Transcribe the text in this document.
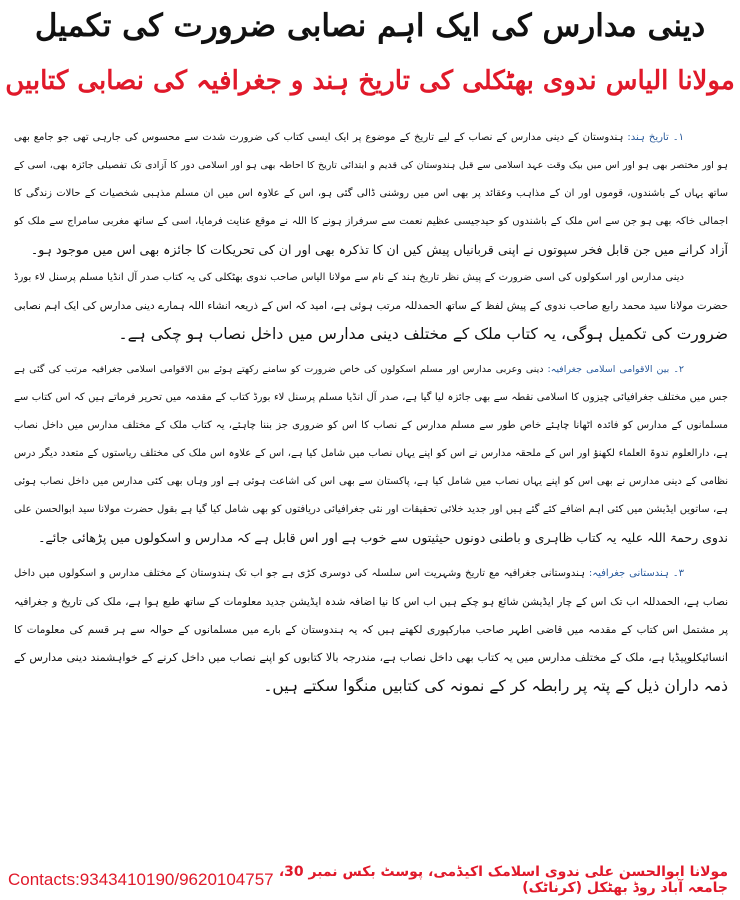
دینی مدارس کی ایک اہم نصابی ضرورت کی تکمیل
مولانا الیاس ندوی بھٹکلی کی تاریخ ہند و جغرافیہ کی نصابی کتابیں
۱۔ تاریخ ہند: ہندوستان کے دینی مدارس کے نصاب کے لیے تاریخ کے موضوع پر ایک ایسی کتاب کی ضرورت شدت سے محسوس کی جارہی تھی جو جامع بھی
ہو اور مختصر بھی ہو اور اس میں بیک وقت عہد اسلامی سے قبل ہندوستان کی قدیم و ابتدائی تاریخ کا احاطہ بھی ہو اور اسلامی دور کا آزادی تک تفصیلی جائزہ بھی، اسی کے
ساتھ یہاں کے باشندوں، قوموں اور ان کے مذاہب وعقائد پر بھی اس میں روشنی ڈالی گئی ہو، اس کے علاوہ اس میں ان مسلم مذہبی شخصیات کے حالات زندگی کا
اجمالی خاکہ بھی ہو جن سے اس ملک کے باشندوں کو حیدجیسی عظیم نعمت سے سرفراز ہونے کا اللہ نے موقع عنایت فرمایا، اسی کے ساتھ مغربی سامراج سے ملک کو
آزاد کرانے میں جن قابل فخر سپوتوں نے اپنی قربانیاں پیش کیں ان کا تذکرہ بھی اور ان کی تحریکات کا جائزہ بھی اس میں موجود ہو۔
دینی مدارس اور اسکولوں کی اسی ضرورت کے پیش نظر تاریخ ہند کے نام سے مولانا الیاس صاحب ندوی بھٹکلی کی یہ کتاب صدر آل انڈیا مسلم پرسنل لاء بورڈ
حضرت مولانا سید محمد رابع صاحب ندوی کے پیش لفظ کے ساتھ الحمدللہ مرتب ہوئی ہے، امید کہ اس کے ذریعہ انشاء اللہ ہمارے دینی مدارس کی ایک اہم نصابی
ضرورت کی تکمیل ہوگی، یہ کتاب ملک کے مختلف دینی مدارس میں داخل نصاب ہو چکی ہے۔
۲۔ بین الاقوامی اسلامی جغرافیہ: دینی وعربی مدارس اور مسلم اسکولوں کی خاص ضرورت کو سامنے رکھتے ہوئے بین الاقوامی اسلامی جغرافیہ مرتب کی گئی ہے
جس میں مختلف جغرافیائی چیزوں کا اسلامی نقطہ سے بھی جائزہ لیا گیا ہے، صدر آل انڈیا مسلم پرسنل لاء بورڈ کتاب کے مقدمہ میں تحریر فرماتے ہیں کہ اس کتاب سے
مسلمانوں کے مدارس کو فائدہ اٹھانا چاہئے خاص طور سے مسلم مدارس کے نصاب کا اس کو ضروری جز بننا چاہئے، یہ کتاب ملک کے مختلف مدارس میں داخل نصاب
ہے، دارالعلوم ندوۃ العلماء لکھنؤ اور اس کے ملحقہ مدارس نے اس کو اپنے یہاں نصاب میں شامل کیا ہے، اس کے علاوہ اس ملک کی مختلف ریاستوں کے متعدد دیگر درس
نظامی کے دینی مدارس نے بھی اس کو اپنے یہاں نصاب میں شامل کیا ہے، پاکستان سے بھی اس کی اشاعت ہوئی ہے اور وہاں بھی کئی مدارس میں داخل نصاب ہوئی
ہے، ساتویں ایڈیشن میں کئی اہم اضافے کئے گئے ہیں اور جدید خلائی تحقیقات اور نئی جغرافیائی دریافتوں کو بھی شامل کیا گیا ہے بقول حضرت مولانا سید ابوالحسن علی
ندوی رحمۃ اللہ علیہ یہ کتاب ظاہری و باطنی دونوں حیثیتوں سے خوب ہے اور اس قابل ہے کہ مدارس و اسکولوں میں پڑھائی جائے۔
۳۔ ہندستانی جغرافیہ: ہندوستانی جغرافیہ مع تاریخ وشہریت اس سلسلہ کی دوسری کڑی ہے جو اب تک ہندوستان کے مختلف مدارس و اسکولوں میں داخل
نصاب ہے، الحمدللہ اب تک اس کے چار ایڈیشن شائع ہو چکے ہیں اب اس کا نیا اضافہ شدہ ایڈیشن جدید معلومات کے ساتھ طبع ہوا ہے، ملک کی تاریخ و جغرافیہ
پر مشتمل اس کتاب کے مقدمہ میں قاضی اطہر صاحب مبارکپوری لکھتے ہیں کہ یہ ہندوستان کے بارے میں مسلمانوں کے حوالہ سے ہر قسم کی معلومات کا
انسائیکلوپیڈیا ہے، ملک کے مختلف مدارس میں یہ کتاب بھی داخل نصاب ہے، مندرجہ بالا کتابوں کو اپنے نصاب میں داخل کرنے کے خواہشمند دینی مدارس کے
ذمہ داران ذیل کے پتہ پر رابطہ کر کے نمونہ کی کتابیں منگوا سکتے ہیں۔
Contacts:9343410190/9620104757 مولانا ابوالحسن علی ندوی اسلامک اکیڈمی، پوسٹ بکس نمبر 30، جامعہ آباد روڈ بھٹکل (کرناٹک)
